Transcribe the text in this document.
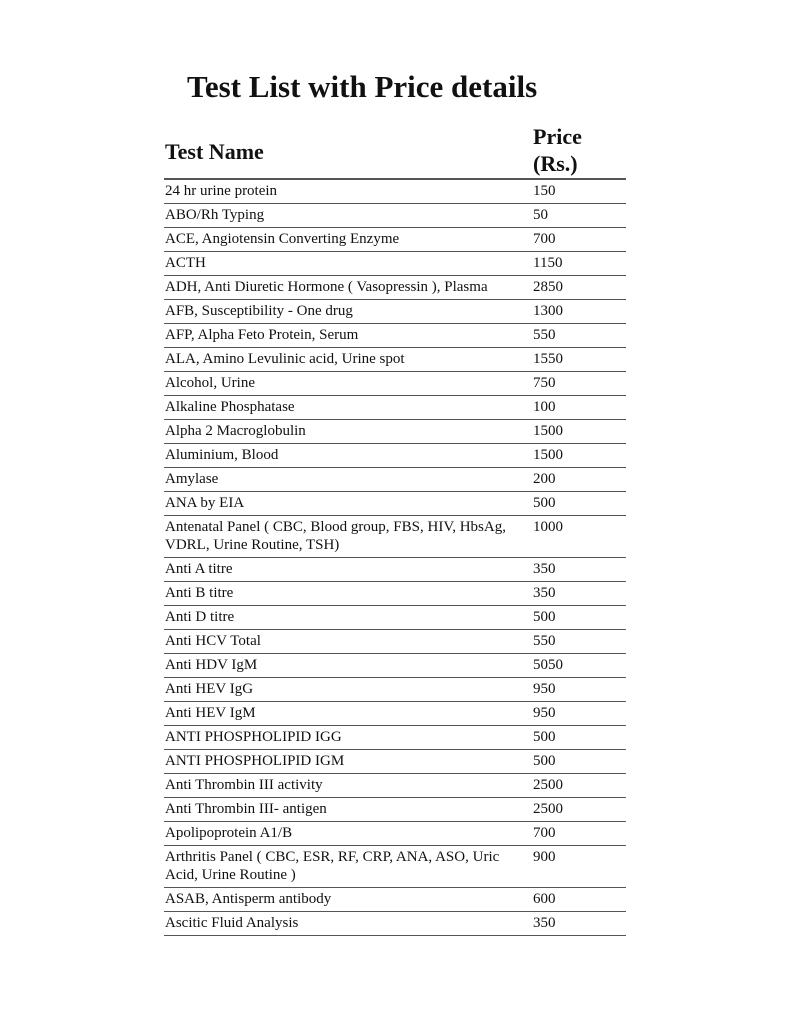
Test List with Price details
Test Name	Price
(Rs.)
24 hr urine protein	150
ABO/Rh Typing	50
ACE, Angiotensin Converting Enzyme	700
ACTH	1150
ADH, Anti Diuretic Hormone ( Vasopressin ), Plasma	2850
AFB, Susceptibility - One drug	1300
AFP, Alpha Feto Protein, Serum	550
ALA, Amino Levulinic acid, Urine spot	1550
Alcohol, Urine	750
Alkaline Phosphatase	100
Alpha 2 Macroglobulin	1500
Aluminium, Blood	1500
Amylase	200
ANA by EIA	500
Antenatal Panel ( CBC, Blood group, FBS, HIV, HbsAg, VDRL, Urine Routine, TSH)	1000
Anti A titre	350
Anti B titre	350
Anti D titre	500
Anti HCV Total	550
Anti HDV IgM	5050
Anti HEV IgG	950
Anti HEV IgM	950
ANTI PHOSPHOLIPID IGG	500
ANTI PHOSPHOLIPID IGM	500
Anti Thrombin III activity	2500
Anti Thrombin III- antigen	2500
Apolipoprotein A1/B	700
Arthritis Panel ( CBC, ESR, RF, CRP, ANA, ASO, Uric Acid, Urine Routine )	900
ASAB, Antisperm antibody	600
Ascitic Fluid Analysis	350
